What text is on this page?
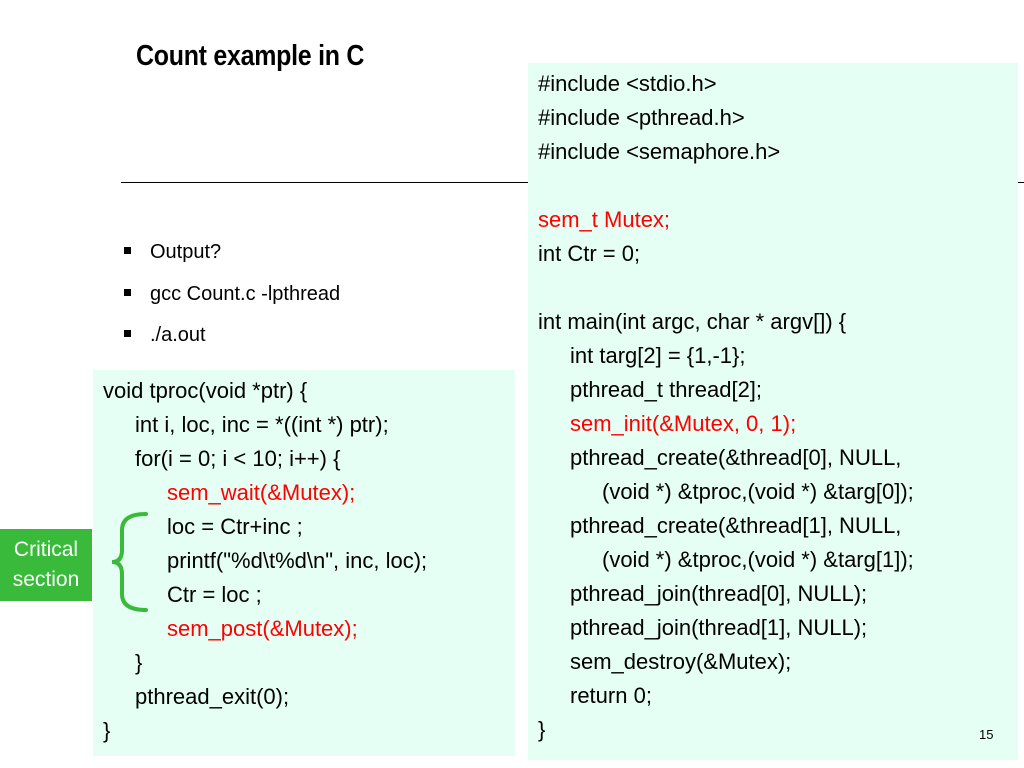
Count example in C
Output?
gcc Count.c -lpthread
./a.out
#include <stdio.h>
#include <pthread.h>
#include <semaphore.h>
sem_t Mutex;
int Ctr = 0;
int main(int argc, char * argv[]) {
int targ[2] = {1,-1};
pthread_t thread[2];
sem_init(&Mutex, 0, 1);
pthread_create(&thread[0], NULL,
(void *) &tproc,(void *) &targ[0]);
pthread_create(&thread[1], NULL,
(void *) &tproc,(void *) &targ[1]);
pthread_join(thread[0], NULL);
pthread_join(thread[1], NULL);
sem_destroy(&Mutex);
return 0;
}
void tproc(void *ptr) {
int i, loc, inc = *((int *) ptr);
for(i = 0; i < 10; i++) {
sem_wait(&Mutex);
loc = Ctr+inc ;
printf("%d\t%d\n", inc, loc);
Ctr = loc ;
sem_post(&Mutex);
}
pthread_exit(0);
}
Critical
section
15
